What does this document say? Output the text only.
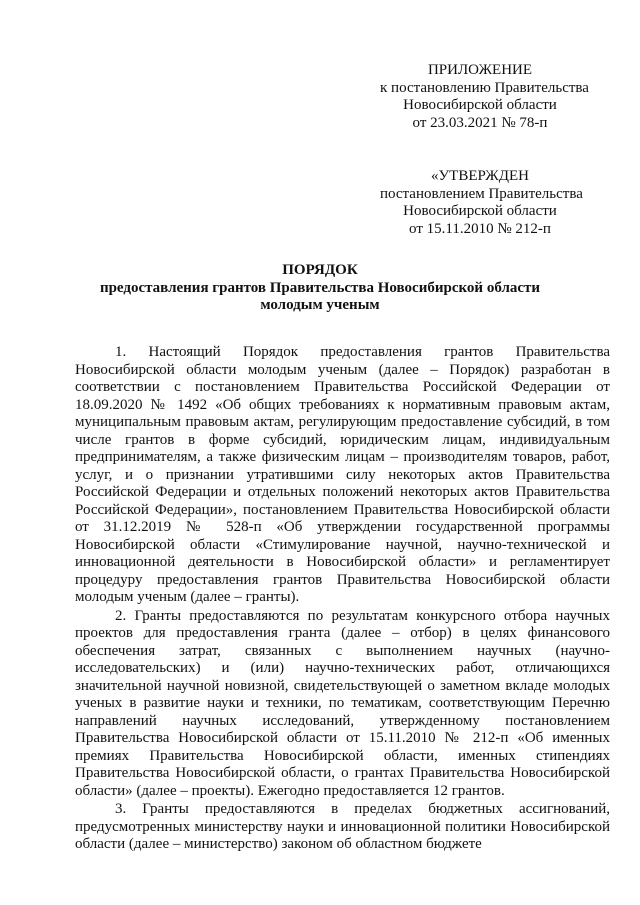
ПРИЛОЖЕНИЕ
к постановлению Правительства
Новосибирской области
от 23.03.2021 № 78-п
«УТВЕРЖДЕН
постановлением Правительства
Новосибирской области
от 15.11.2010 № 212-п
ПОРЯДОК
предоставления грантов Правительства Новосибирской области
молодым ученым

1. Настоящий Порядок предоставления грантов Правительства Новосибирской области молодым ученым (далее – Порядок) разработан в соответствии с постановлением Правительства Российской Федерации от 18.09.2020 № 1492 «Об общих требованиях к нормативным правовым актам, муниципальным правовым актам, регулирующим предоставление субсидий, в том числе грантов в форме субсидий, юридическим лицам, индивидуальным предпринимателям, а также физическим лицам – производителям товаров, работ, услуг, и о признании утратившими силу некоторых актов Правительства Российской Федерации и отдельных положений некоторых актов Правительства Российской Федерации», постановлением Правительства Новосибирской области от 31.12.2019 № 528-п «Об утверждении государственной программы Новосибирской области «Стимулирование научной, научно-технической и инновационной деятельности в Новосибирской области» и регламентирует процедуру предоставления грантов Правительства Новосибирской области молодым ученым (далее – гранты).

2. Гранты предоставляются по результатам конкурсного отбора научных проектов для предоставления гранта (далее – отбор) в целях финансового обеспечения затрат, связанных с выполнением научных (научно-исследовательских) и (или) научно-технических работ, отличающихся значительной научной новизной, свидетельствующей о заметном вкладе молодых ученых в развитие науки и техники, по тематикам, соответствующим Перечню направлений научных исследований, утвержденному постановлением Правительства Новосибирской области от 15.11.2010 № 212-п «Об именных премиях Правительства Новосибирской области, именных стипендиях Правительства Новосибирской области, о грантах Правительства Новосибирской области» (далее – проекты). Ежегодно предоставляется 12 грантов.

3. Гранты предоставляются в пределах бюджетных ассигнований, предусмотренных министерству науки и инновационной политики Новосибирской области (далее – министерство) законом об областном бюджете
